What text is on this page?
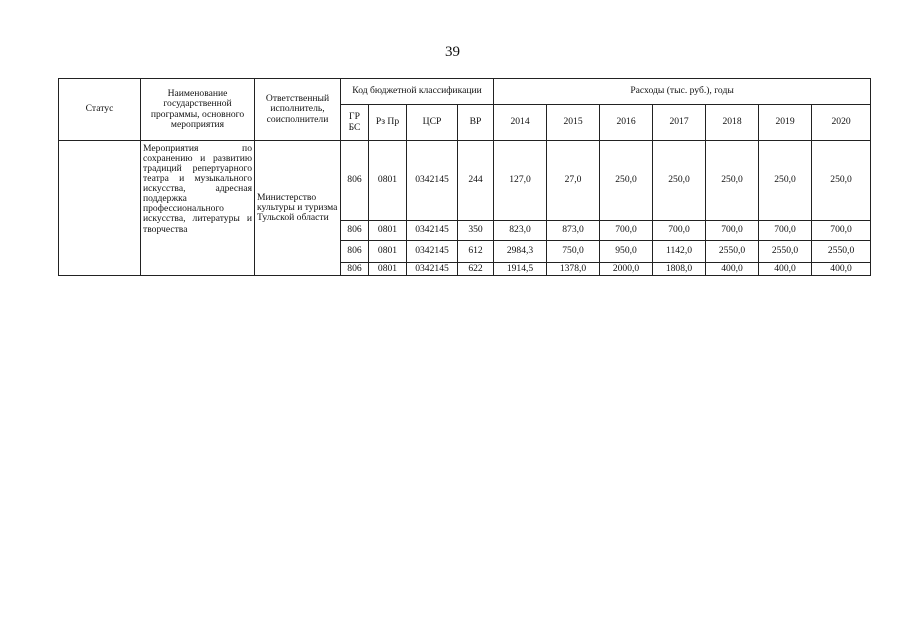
39
Статус	Наименование государственной программы, основного мероприятия	Ответственный исполнитель, соисполнители	Код бюджетной классификации				Расходы (тыс. руб.), годы						
			ГР БС	Рз Пр	ЦСР	ВР	2014	2015	2016	2017	2018	2019	2020
	Мероприятия по сохранению и развитию традиций репертуарного театра и музыкального искусства, адресная поддержка профессионального искусства, литературы и творчества	Министерство культуры и туризма Тульской области	806	0801	0342145	244	127,0	27,0	250,0	250,0	250,0	250,0	250,0
			806	0801	0342145	350	823,0	873,0	700,0	700,0	700,0	700,0	700,0
			806	0801	0342145	612	2984,3	750,0	950,0	1142,0	2550,0	2550,0	2550,0
			806	0801	0342145	622	1914,5	1378,0	2000,0	1808,0	400,0	400,0	400,0
